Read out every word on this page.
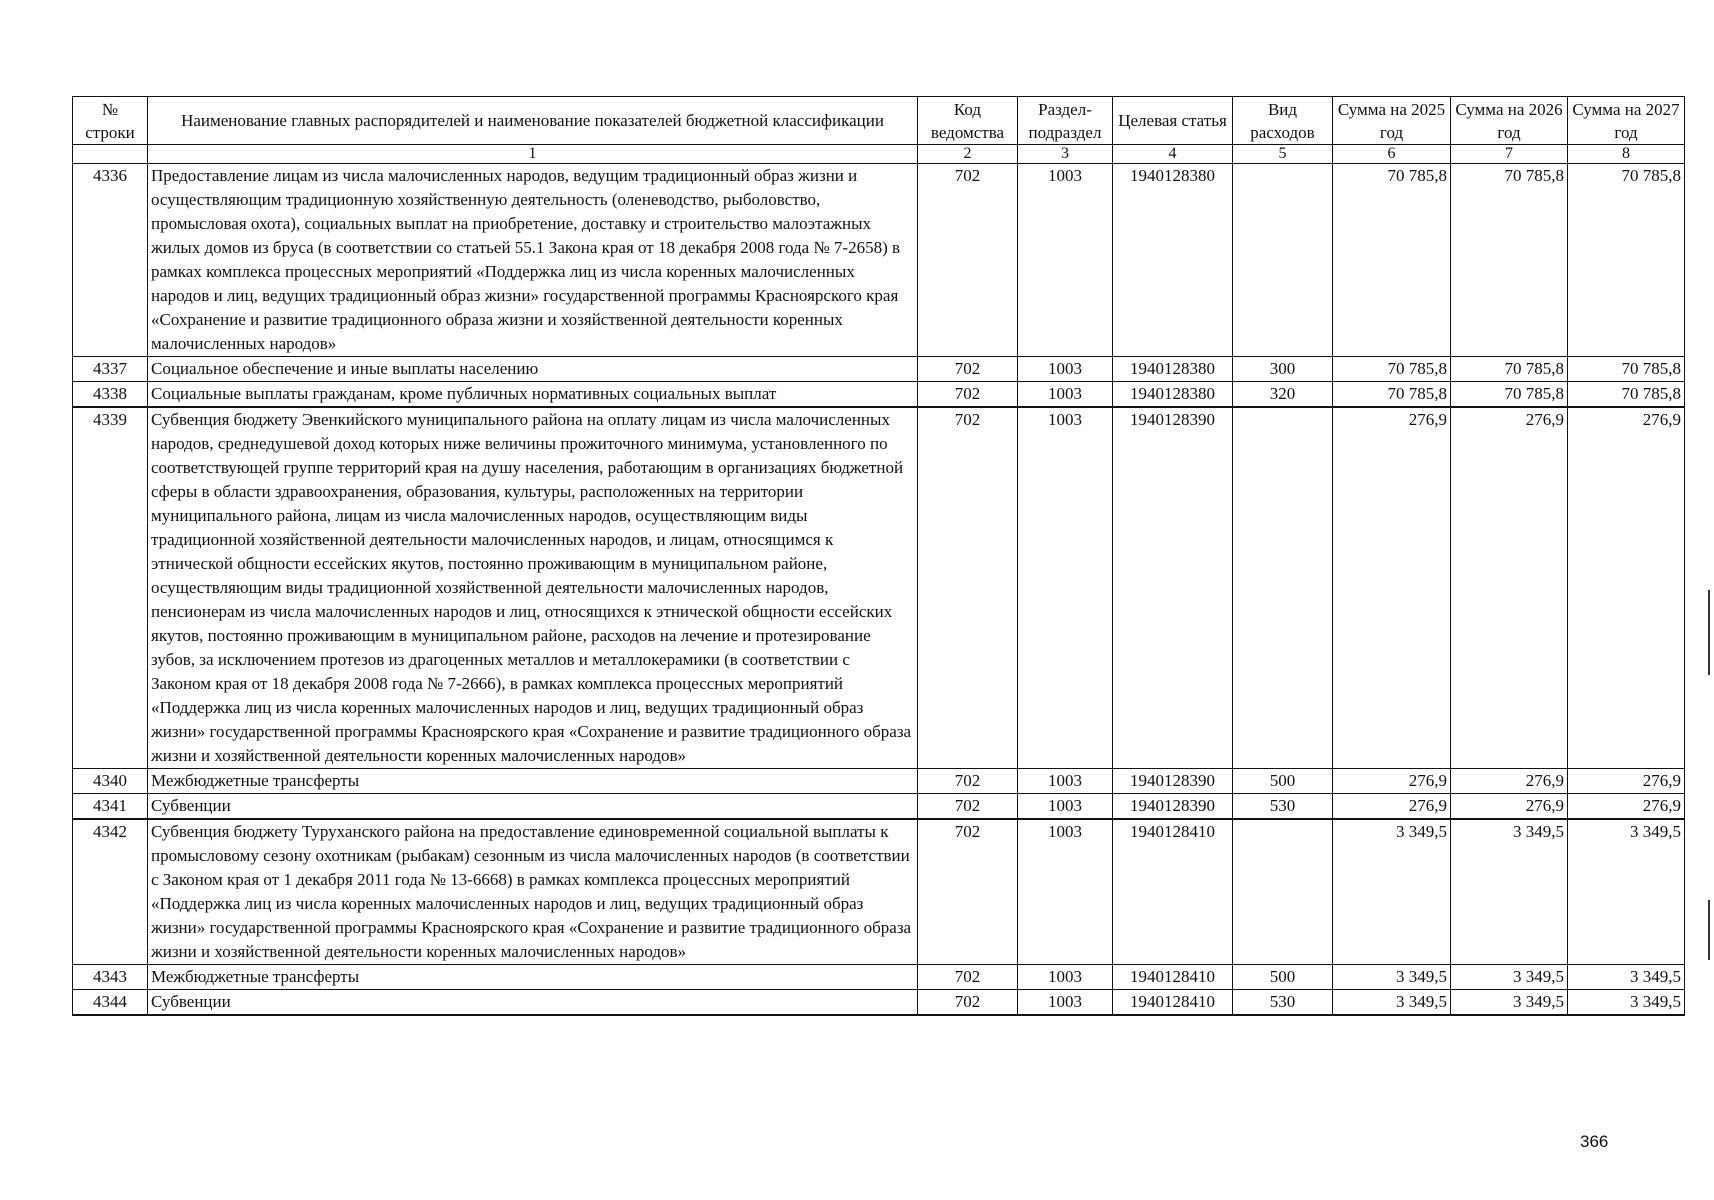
№ строки	Наименование главных распорядителей и наименование показателей бюджетной классификации	Код ведомства	Раздел-подраздел	Целевая статья	Вид расходов	Сумма на 2025 год	Сумма на 2026 год	Сумма на 2027 год
	1	2	3	4	5	6	7	8
4336	Предоставление лицам из числа малочисленных народов, ведущим традиционный образ жизни и осуществляющим традиционную хозяйственную деятельность (оленеводство, рыболовство, промысловая охота), социальных выплат на приобретение, доставку и строительство малоэтажных жилых домов из бруса (в соответствии со статьей 55.1 Закона края от 18 декабря 2008 года № 7-2658) в рамках комплекса процессных мероприятий «Поддержка лиц из числа коренных малочисленных народов и лиц, ведущих традиционный образ жизни» государственной программы Красноярского края «Сохранение и развитие традиционного образа жизни и хозяйственной деятельности коренных малочисленных народов»	702	1003	1940128380		70 785,8	70 785,8	70 785,8
4337	Социальное обеспечение и иные выплаты населению	702	1003	1940128380	300	70 785,8	70 785,8	70 785,8
4338	Социальные выплаты гражданам, кроме публичных нормативных социальных выплат	702	1003	1940128380	320	70 785,8	70 785,8	70 785,8
4339	Субвенция бюджету Эвенкийского муниципального района на оплату лицам из числа малочисленных народов, среднедушевой доход которых ниже величины прожиточного минимума, установленного по соответствующей группе территорий края на душу населения, работающим в организациях бюджетной сферы в области здравоохранения, образования, культуры, расположенных на территории муниципального района, лицам из числа малочисленных народов, осуществляющим виды традиционной хозяйственной деятельности малочисленных народов, и лицам, относящимся к этнической общности ессейских якутов, постоянно проживающим в муниципальном районе, осуществляющим виды традиционной хозяйственной деятельности малочисленных народов, пенсионерам из числа малочисленных народов и лиц, относящихся к этнической общности ессейских якутов, постоянно проживающим в муниципальном районе, расходов на лечение и протезирование зубов, за исключением протезов из драгоценных металлов и металлокерамики (в соответствии с Законом края от 18 декабря 2008 года № 7-2666), в рамках комплекса процессных мероприятий «Поддержка лиц из числа коренных малочисленных народов и лиц, ведущих традиционный образ жизни» государственной программы Красноярского края «Сохранение и развитие традиционного образа жизни и хозяйственной деятельности коренных малочисленных народов»	702	1003	1940128390		276,9	276,9	276,9
4340	Межбюджетные трансферты	702	1003	1940128390	500	276,9	276,9	276,9
4341	Субвенции	702	1003	1940128390	530	276,9	276,9	276,9
4342	Субвенция бюджету Туруханского района на предоставление единовременной социальной выплаты к промысловому сезону охотникам (рыбакам) сезонным из числа малочисленных народов (в соответствии с Законом края от 1 декабря 2011 года № 13-6668) в рамках комплекса процессных мероприятий «Поддержка лиц из числа коренных малочисленных народов и лиц, ведущих традиционный образ жизни» государственной программы Красноярского края «Сохранение и развитие традиционного образа жизни и хозяйственной деятельности коренных малочисленных народов»	702	1003	1940128410		3 349,5	3 349,5	3 349,5
4343	Межбюджетные трансферты	702	1003	1940128410	500	3 349,5	3 349,5	3 349,5
4344	Субвенции	702	1003	1940128410	530	3 349,5	3 349,5	3 349,5
366
